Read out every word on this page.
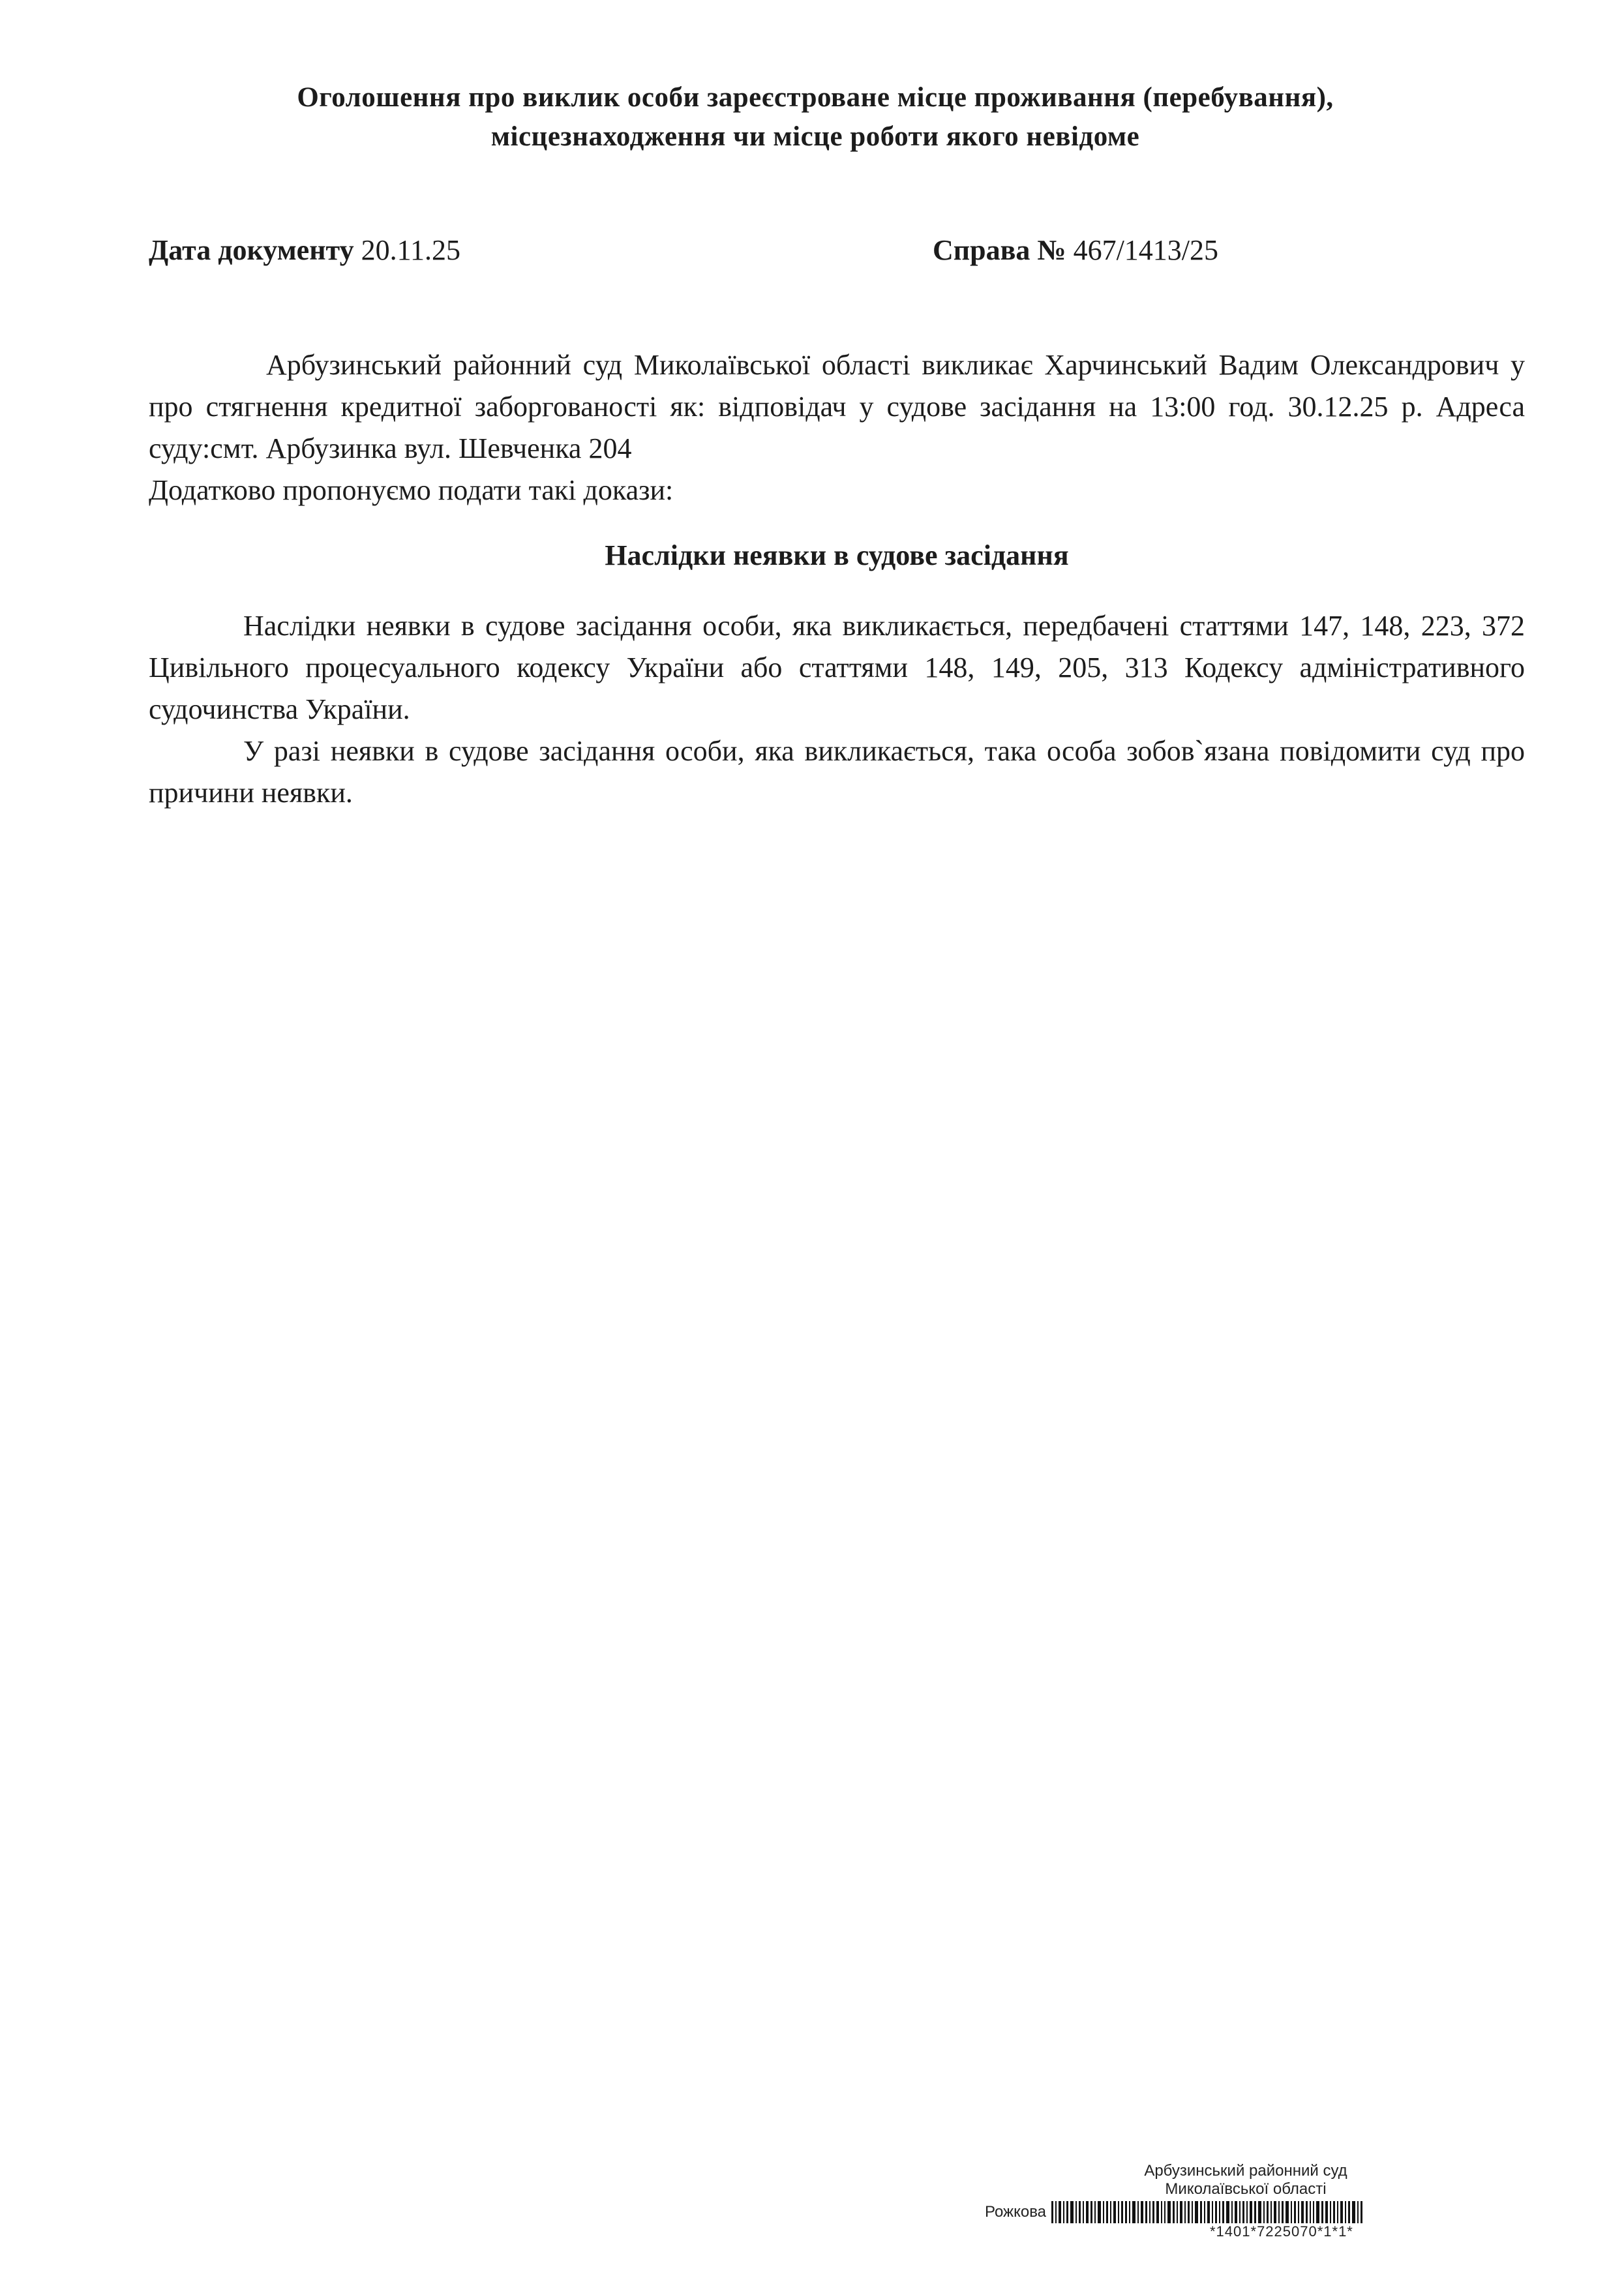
Оголошення про виклик особи зареєстроване місце проживання (перебування),
місцезнаходження чи місце роботи якого невідоме
Дата документу 20.11.25	Справа № 467/1413/25
Арбузинський районний суд Миколаївської області викликає Харчинський Вадим Олександрович у про стягнення кредитної заборгованості як: відповідач у судове засідання на 13:00 год. 30.12.25 р. Адреса суду:смт. Арбузинка вул. Шевченка 204
Додатково пропонуємо подати такі докази:
Наслідки неявки в судове засідання
Наслідки неявки в судове засідання особи, яка викликається, передбачені статтями 147, 148, 223, 372 Цивільного процесуального кодексу України або статтями 148, 149, 205, 313 Кодексу адміністративного судочинства України.
У разі неявки в судове засідання особи, яка викликається, така особа зобов`язана повідомити суд про причини неявки.
Арбузинський районний суд
Миколаївської області
Рожкова
*1401*7225070*1*1*
